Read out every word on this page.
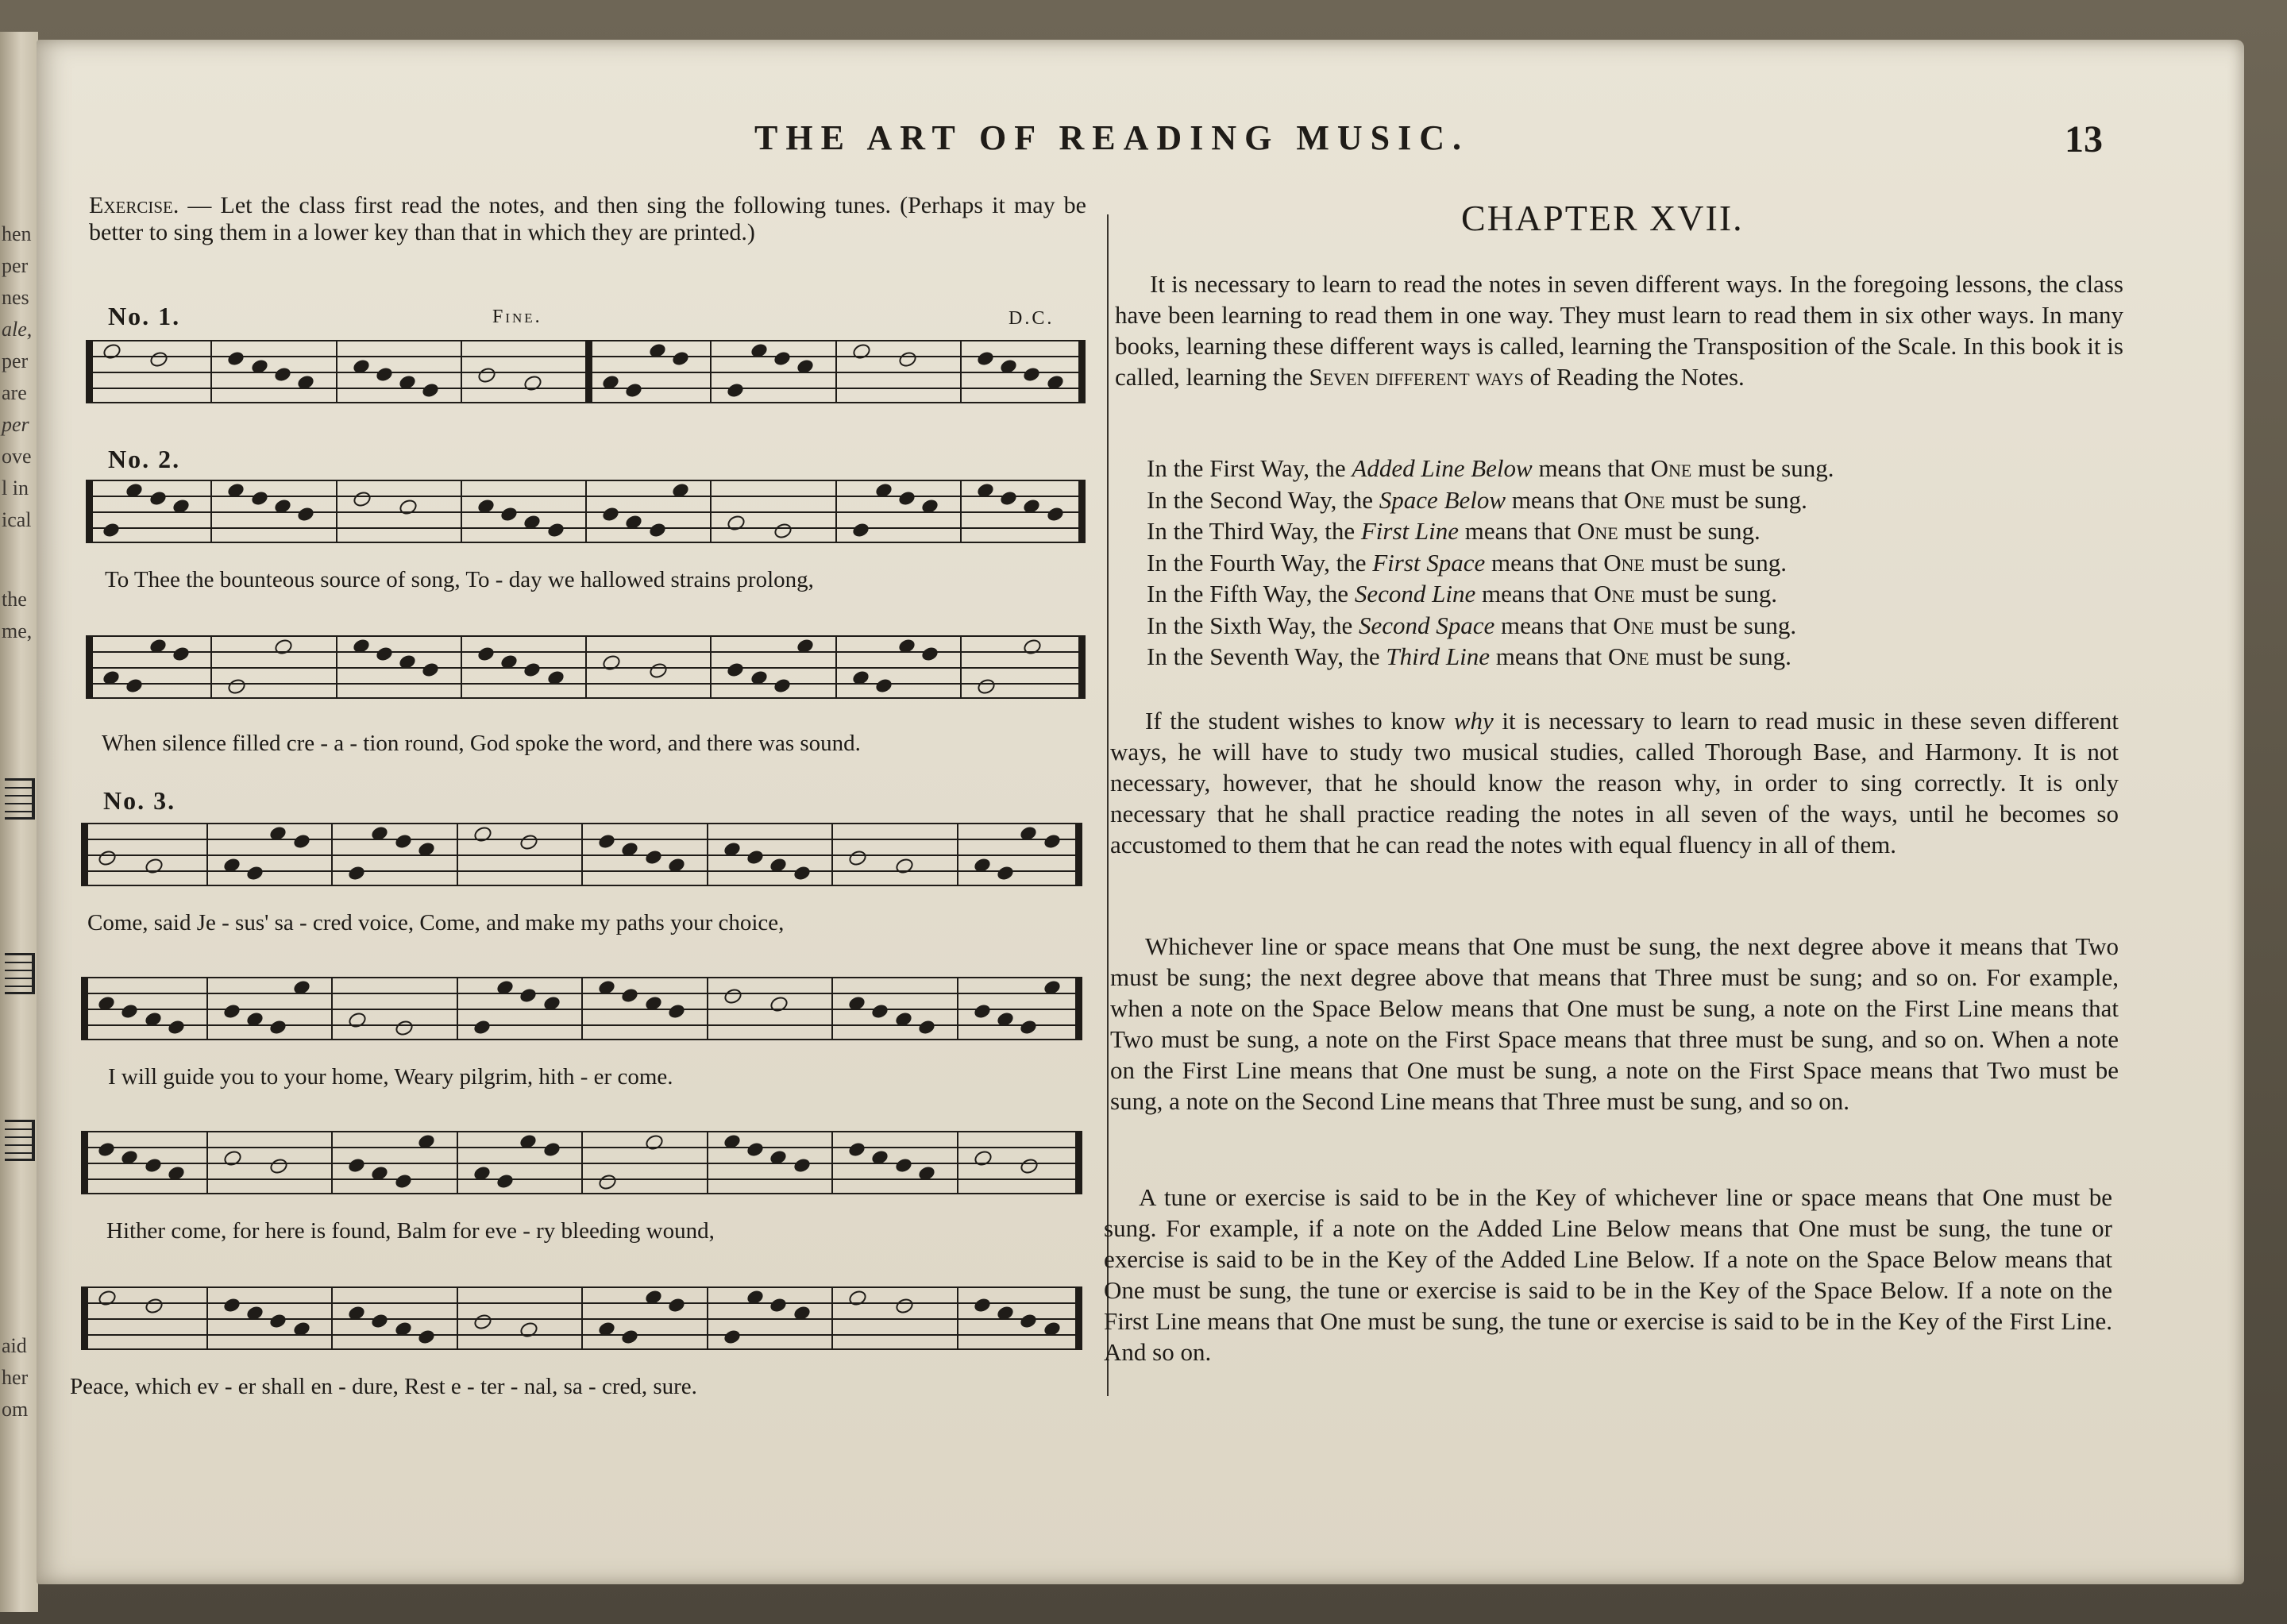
hen
per
nes
ale,
per
are
per
ove
l in
ical
the
me,
aid
her
om
THE ART OF READING MUSIC.	13
Exercise. — Let the class first read the notes, and then sing the following tunes. (Perhaps it may be better to sing them in a lower key than that in which they are printed.)
No. 1.	Fine.	D.C.
No. 2.
To Thee the bounteous source of song, To - day we hallowed strains prolong,
When silence filled cre - a - tion round, God spoke the word, and there was sound.
No. 3.
Come, said Je - sus' sa - cred voice, Come, and make my paths your choice,
I will guide you to your home, Weary pilgrim, hith - er come.
Hither come, for here is found, Balm for eve - ry bleeding wound,
Peace, which ev - er shall en - dure, Rest e - ter - nal, sa - cred, sure.
CHAPTER XVII.
It is necessary to learn to read the notes in seven different ways. In the foregoing lessons, the class have been learning to read them in one way. They must learn to read them in six other ways. In many books, learning these different ways is called, learning the Transposition of the Scale. In this book it is called, learning the Seven different ways of Reading the Notes.
In the First Way, the Added Line Below means that One must be sung.
In the Second Way, the Space Below means that One must be sung.
In the Third Way, the First Line means that One must be sung.
In the Fourth Way, the First Space means that One must be sung.
In the Fifth Way, the Second Line means that One must be sung.
In the Sixth Way, the Second Space means that One must be sung.
In the Seventh Way, the Third Line means that One must be sung.
If the student wishes to know why it is necessary to learn to read music in these seven different ways, he will have to study two musical studies, called Thorough Base, and Harmony. It is not necessary, however, that he should know the reason why, in order to sing correctly. It is only necessary that he shall practice reading the notes in all seven of the ways, until he becomes so accustomed to them that he can read the notes with equal fluency in all of them.
Whichever line or space means that One must be sung, the next degree above it means that Two must be sung; the next degree above that means that Three must be sung; and so on. For example, when a note on the Space Below means that One must be sung, a note on the First Line means that Two must be sung, a note on the First Space means that three must be sung, and so on. When a note on the First Line means that One must be sung, a note on the First Space means that Two must be sung, a note on the Second Line means that Three must be sung, and so on.
A tune or exercise is said to be in the Key of whichever line or space means that One must be sung. For example, if a note on the Added Line Below means that One must be sung, the tune or exercise is said to be in the Key of the Added Line Below. If a note on the Space Below means that One must be sung, the tune or exercise is said to be in the Key of the Space Below. If a note on the First Line means that One must be sung, the tune or exercise is said to be in the Key of the First Line. And so on.
